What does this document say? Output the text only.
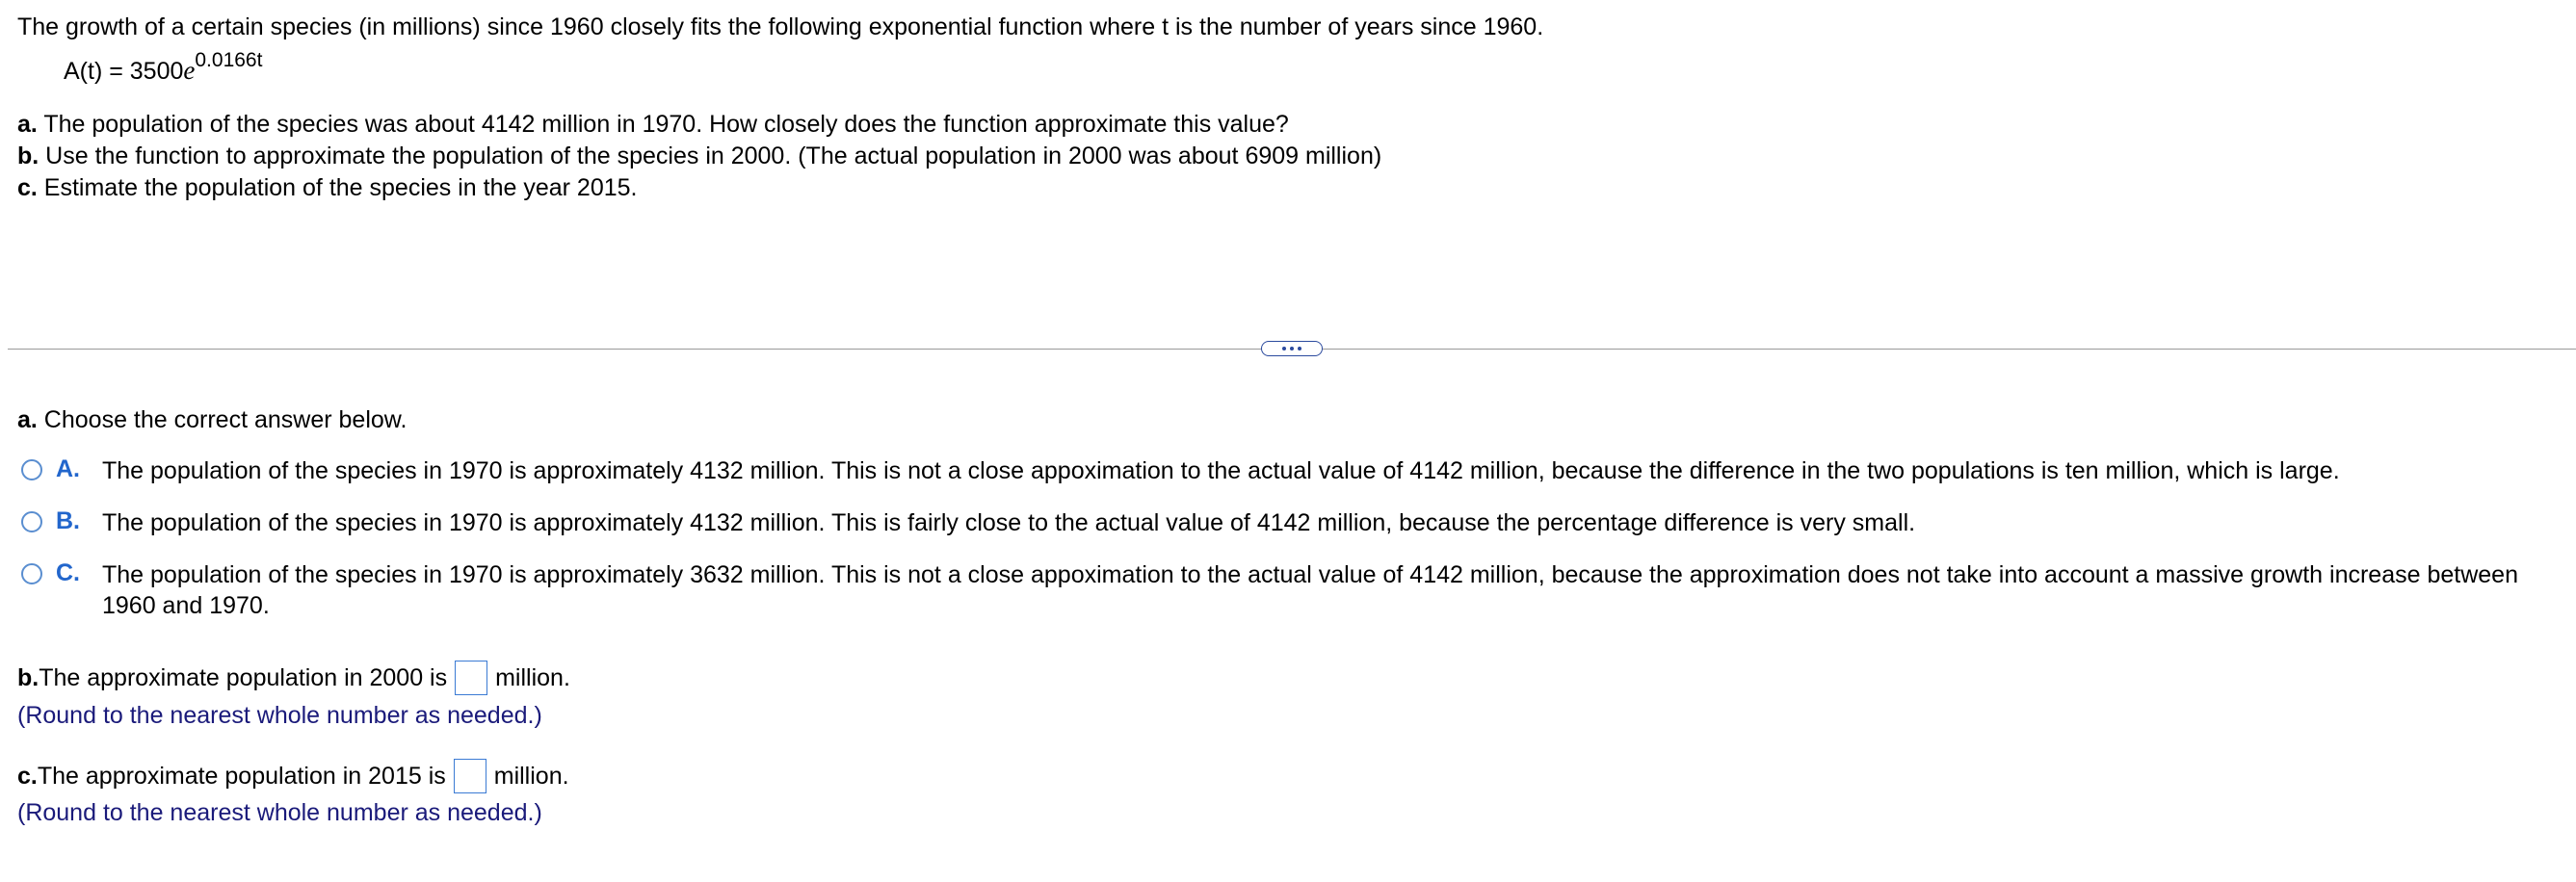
The growth of a certain species (in millions) since 1960 closely fits the following exponential function where t is the number of years since 1960.
$A(t) = 3500e^{0.0166t}$
a. The population of the species was about 4142 million in 1970. How closely does the function approximate this value?
b. Use the function to approximate the population of the species in 2000. (The actual population in 2000 was about 6909 million)
c. Estimate the population of the species in the year 2015.
a. Choose the correct answer below.
A. The population of the species in 1970 is approximately 4132 million. This is not a close appoximation to the actual value of 4142 million, because the difference in the two populations is ten million, which is large.
B. The population of the species in 1970 is approximately 4132 million. This is fairly close to the actual value of 4142 million, because the percentage difference is very small.
C. The population of the species in 1970 is approximately 3632 million. This is not a close appoximation to the actual value of 4142 million, because the approximation does not take into account a massive growth increase between 1960 and 1970.
b. The approximate population in 2000 is million.
(Round to the nearest whole number as needed.)
c. The approximate population in 2015 is million.
(Round to the nearest whole number as needed.)
